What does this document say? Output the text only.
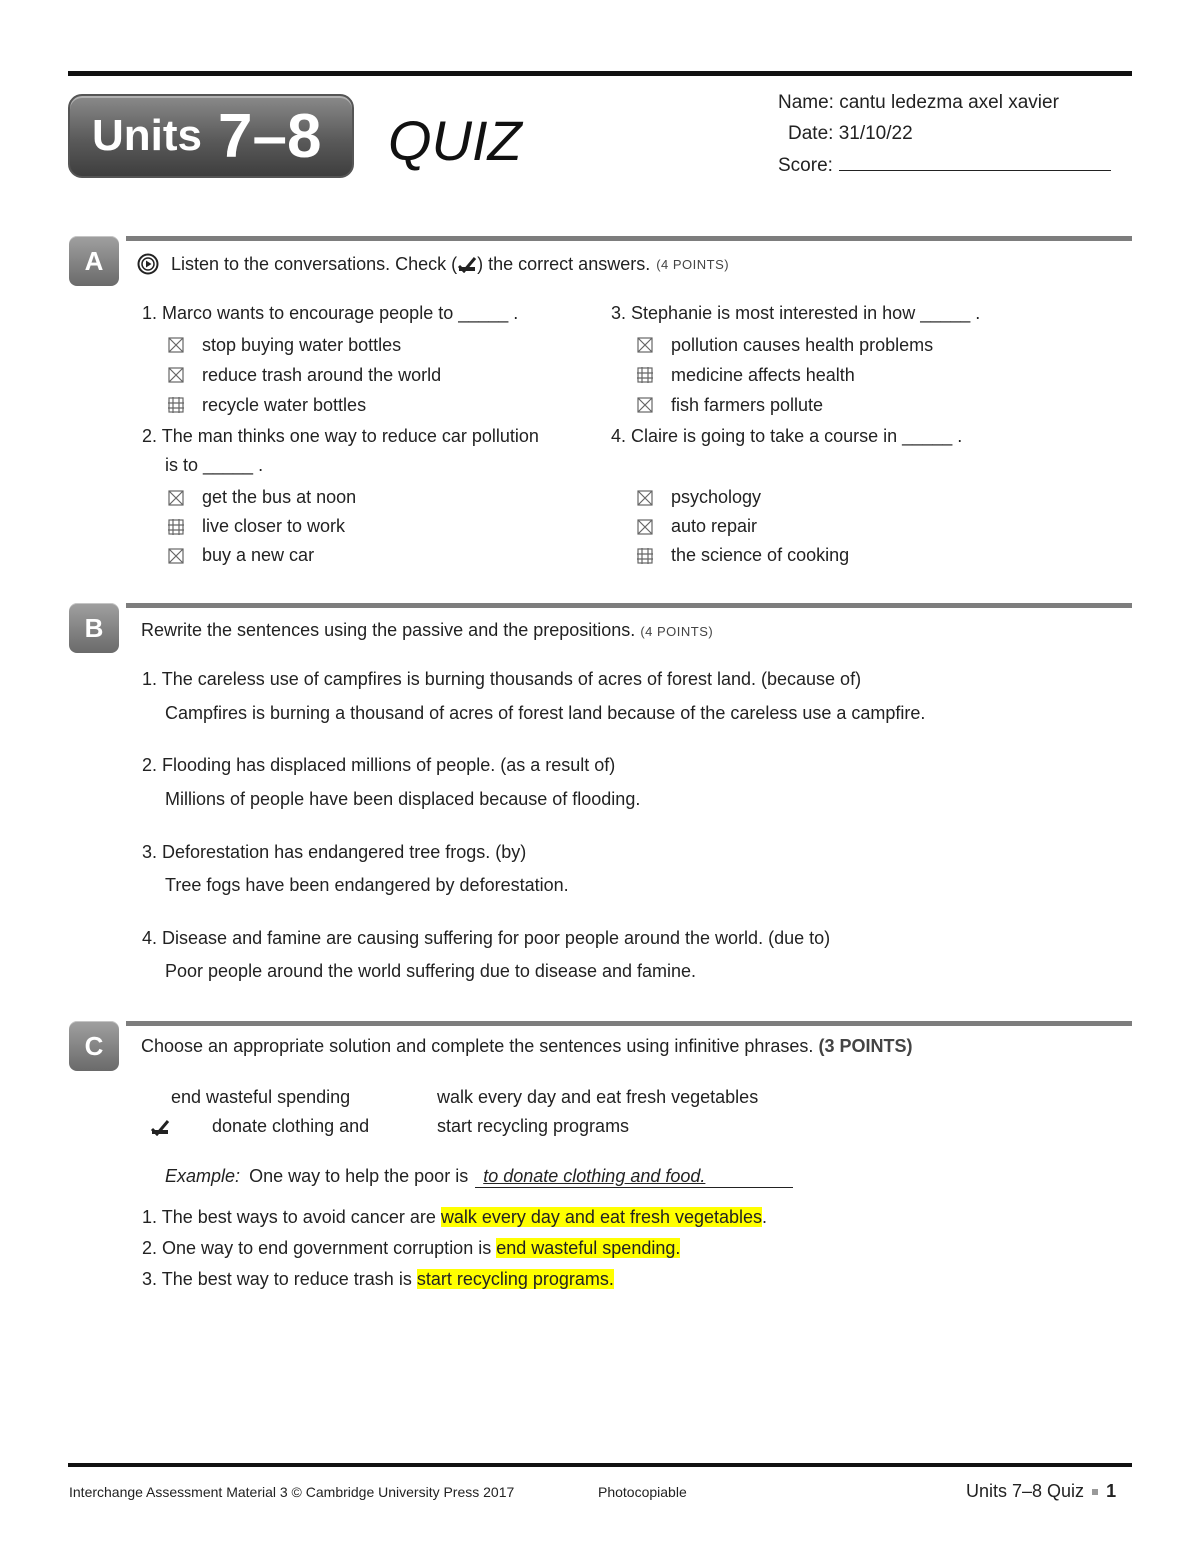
Units 7–8 QUIZ
Name: cantu ledezma axel xavier
Date: 31/10/22
Score:
A	Listen to the conversations. Check ( ) the correct answers. (4 POINTS)
1. Marco wants to encourage people to _____ .
stop buying water bottles
reduce trash around the world
recycle water bottles
2. The man thinks one way to reduce car pollution
is to _____ .
get the bus at noon
live closer to work
buy a new car
3. Stephanie is most interested in how _____ .
pollution causes health problems
medicine affects health
fish farmers pollute
4. Claire is going to take a course in _____ .
psychology
auto repair
the science of cooking
B	Rewrite the sentences using the passive and the prepositions. (4 POINTS)
1. The careless use of campfires is burning thousands of acres of forest land. (because of)
Campfires is burning a thousand of acres of forest land because of the careless use a campfire.
2. Flooding has displaced millions of people. (as a result of)
Millions of people have been displaced because of flooding.
3. Deforestation has endangered tree frogs. (by)
Tree fogs have been endangered by deforestation.
4. Disease and famine are causing suffering for poor people around the world. (due to)
Poor people around the world suffering due to disease and famine.
C	Choose an appropriate solution and complete the sentences using infinitive phrases. (3 POINTS)
end wasteful spending	walk every day and eat fresh vegetables
donate clothing and	start recycling programs
Example: One way to help the poor is to donate clothing and food.
1. The best ways to avoid cancer are walk every day and eat fresh vegetables.
2. One way to end government corruption is end wasteful spending.
3. The best way to reduce trash is start recycling programs.
Interchange Assessment Material 3 © Cambridge University Press 2017	Photocopiable	Units 7–8 Quiz 1
